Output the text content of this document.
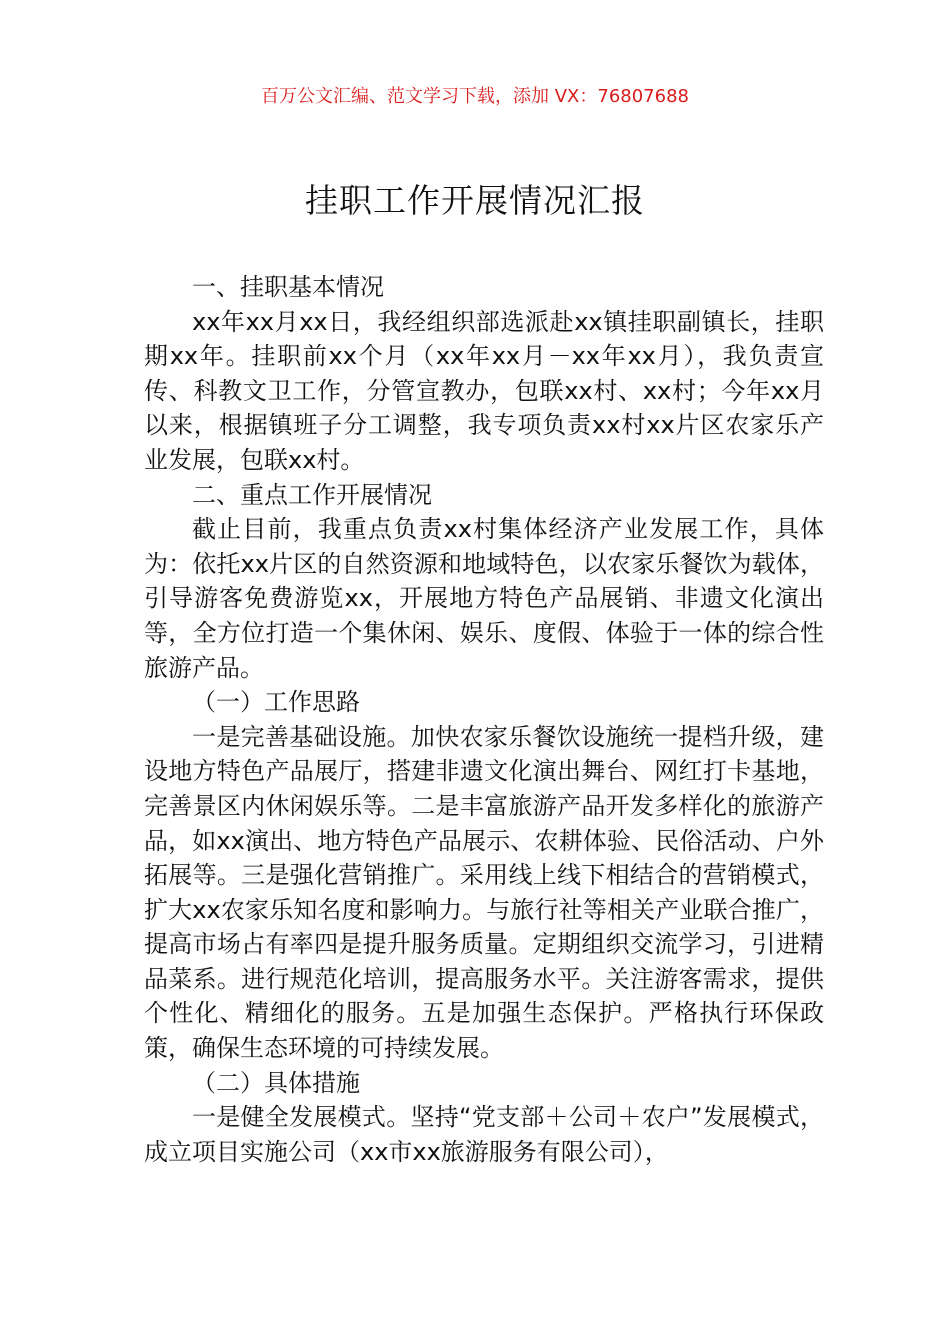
百万公文汇编、范文学习下载，添加 VX：76807688
挂职工作开展情况汇报

一、挂职基本情况

xx年xx月xx日，我经组织部选派赴xx镇挂职副镇长，挂职期xx年。挂职前xx个月（xx年xx月－xx年xx月），我负责宣传、科教文卫工作，分管宣教办，包联xx村、xx村；今年xx月以来，根据镇班子分工调整，我专项负责xx村xx片区农家乐产业发展，包联xx村。

二、重点工作开展情况

截止目前，我重点负责xx村集体经济产业发展工作，具体为：依托xx片区的自然资源和地域特色，以农家乐餐饮为载体，引导游客免费游览xx，开展地方特色产品展销、非遗文化演出等，全方位打造一个集休闲、娱乐、度假、体验于一体的综合性旅游产品。

（一）工作思路

一是完善基础设施。加快农家乐餐饮设施统一提档升级，建设地方特色产品展厅，搭建非遗文化演出舞台、网红打卡基地，完善景区内休闲娱乐等。二是丰富旅游产品开发多样化的旅游产品，如xx演出、地方特色产品展示、农耕体验、民俗活动、户外拓展等。三是强化营销推广。采用线上线下相结合的营销模式，扩大xx农家乐知名度和影响力。与旅行社等相关产业联合推广，提高市场占有率四是提升服务质量。定期组织交流学习，引进精品菜系。进行规范化培训，提高服务水平。关注游客需求，提供个性化、精细化的服务。五是加强生态保护。严格执行环保政策，确保生态环境的可持续发展。

（二）具体措施

一是健全发展模式。坚持“党支部＋公司＋农户”发展模式，成立项目实施公司（xx市xx旅游服务有限公司），
